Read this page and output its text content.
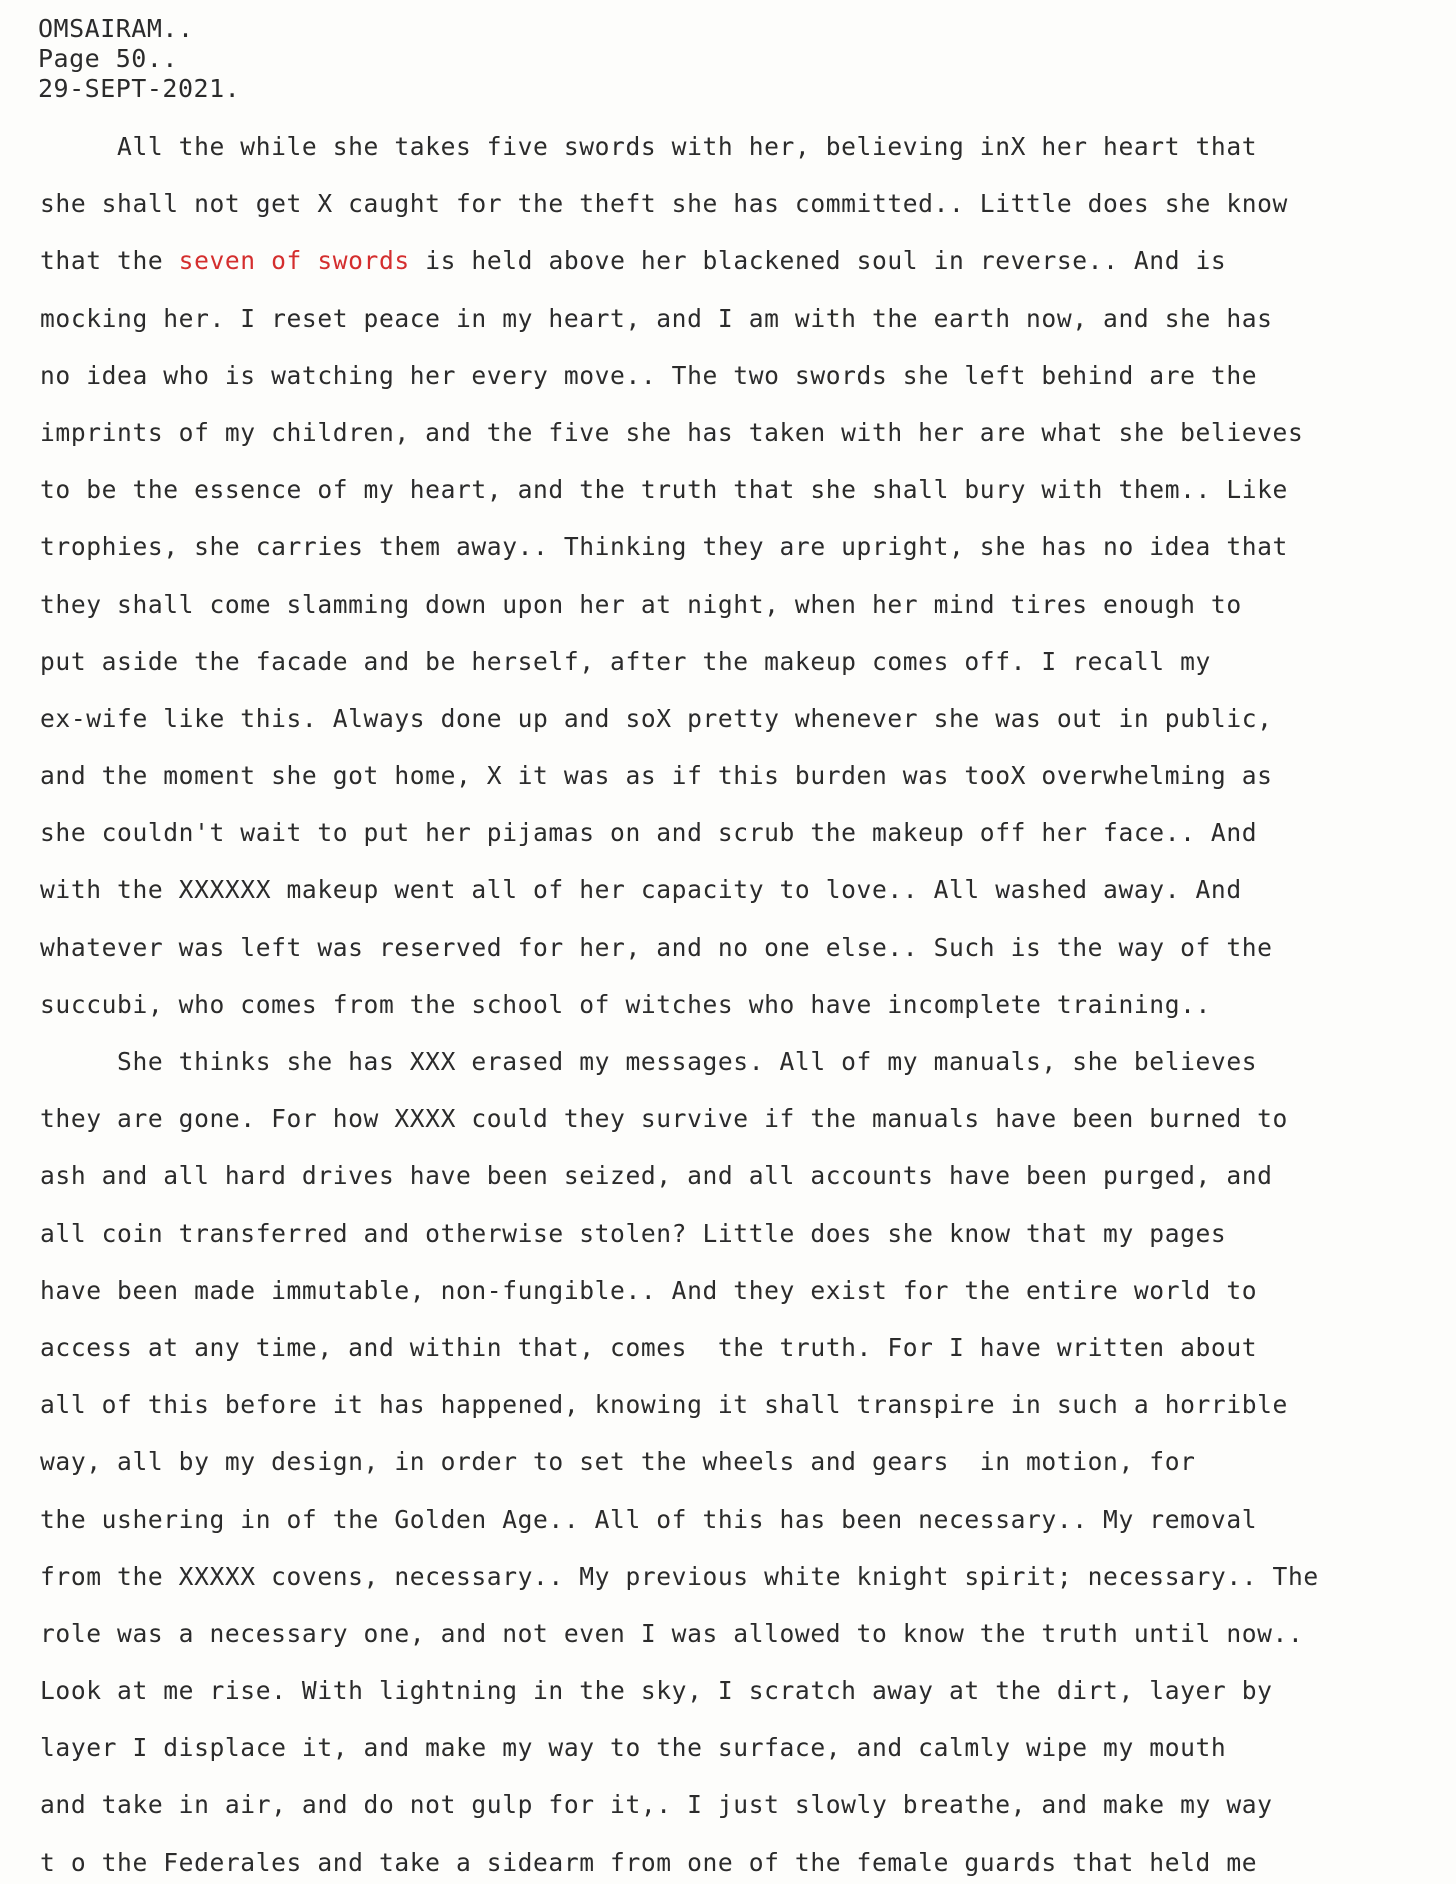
OMSAIRAM..
Page 50..
29-SEPT-2021.
All the while she takes five swords with her, believing inX her heart that
she shall not get X caught for the theft she has committed.. Little does she know
that the seven of swords is held above her blackened soul in reverse.. And is
mocking her. I reset peace in my heart, and I am with the earth now, and she has
no idea who is watching her every move.. The two swords she left behind are the
imprints of my children, and the five she has taken with her are what she believes
to be the essence of my heart, and the truth that she shall bury with them.. Like
trophies, she carries them away.. Thinking they are upright, she has no idea that
they shall come slamming down upon her at night, when her mind tires enough to
put aside the facade and be herself, after the makeup comes off. I recall my
ex-wife like this. Always done up and soX pretty whenever she was out in public,
and the moment she got home, X it was as if this burden was tooX overwhelming as
she couldn't wait to put her pijamas on and scrub the makeup off her face.. And
with the XXXXXX makeup went all of her capacity to love.. All washed away. And
whatever was left was reserved for her, and no one else.. Such is the way of the
succubi, who comes from the school of witches who have incomplete training..
She thinks she has XXX erased my messages. All of my manuals, she believes
they are gone. For how XXXX could they survive if the manuals have been burned to
ash and all hard drives have been seized, and all accounts have been purged, and
all coin transferred and otherwise stolen? Little does she know that my pages
have been made immutable, non-fungible.. And they exist for the entire world to
access at any time, and within that, comes  the truth. For I have written about
all of this before it has happened, knowing it shall transpire in such a horrible
way, all by my design, in order to set the wheels and gears  in motion, for
the ushering in of the Golden Age.. All of this has been necessary.. My removal
from the XXXXX covens, necessary.. My previous white knight spirit; necessary.. The
role was a necessary one, and not even I was allowed to know the truth until now..
Look at me rise. With lightning in the sky, I scratch away at the dirt, layer by
layer I displace it, and make my way to the surface, and calmly wipe my mouth
and take in air, and do not gulp for it,. I just slowly breathe, and make my way
t o the Federales and take a sidearm from one of the female guards that held me
